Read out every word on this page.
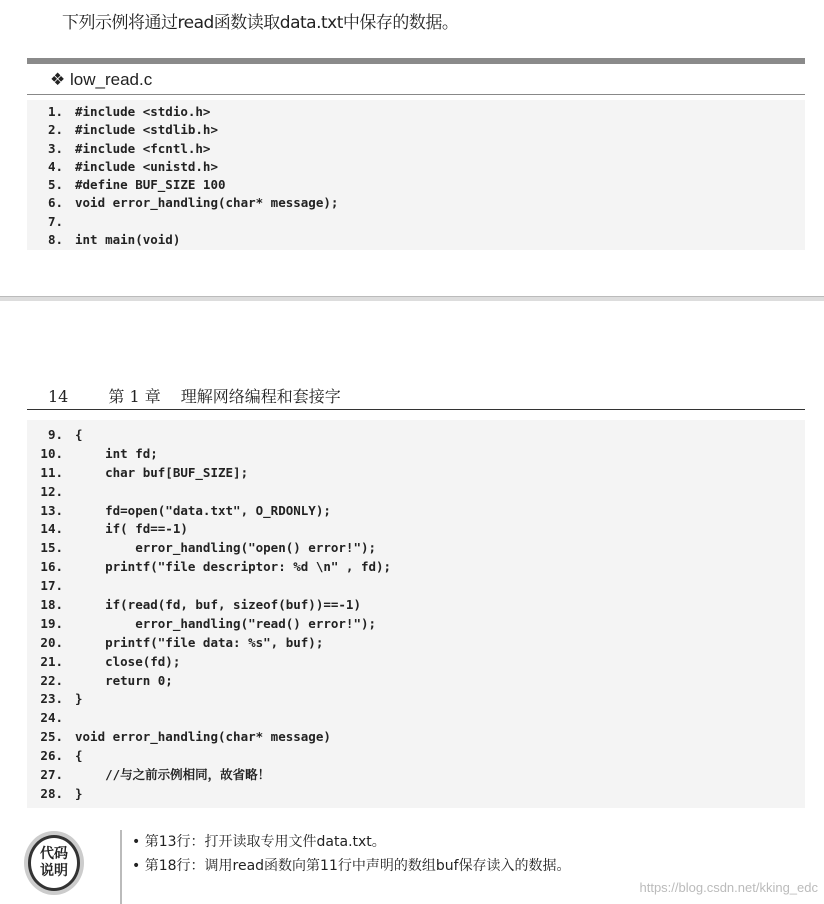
下列示例将通过read函数读取data.txt中保存的数据。
❖ low_read.c
1. #include <stdio.h>
2. #include <stdlib.h>
3. #include <fcntl.h>
4. #include <unistd.h>
5. #define BUF_SIZE 100
6. void error_handling(char* message);
7.
8. int main(void)
14	第 1 章 理解网络编程和套接字
9. {
10.    int fd;
11.    char buf[BUF_SIZE];
12.
13.    fd=open("data.txt", O_RDONLY);
14.    if( fd==-1)
15.        error_handling("open() error!");
16.    printf("file descriptor: %d \n" , fd);
17.
18.    if(read(fd, buf, sizeof(buf))==-1)
19.        error_handling("read() error!");
20.    printf("file data: %s", buf);
21.    close(fd);
22.    return 0;
23. }
24.
25. void error_handling(char* message)
26. {
27.    //与之前示例相同，故省略！
28. }
代码
说明
• 第13行：打开读取专用文件data.txt。
• 第18行：调用read函数向第11行中声明的数组buf保存读入的数据。
https://blog.csdn.net/kking_edc
